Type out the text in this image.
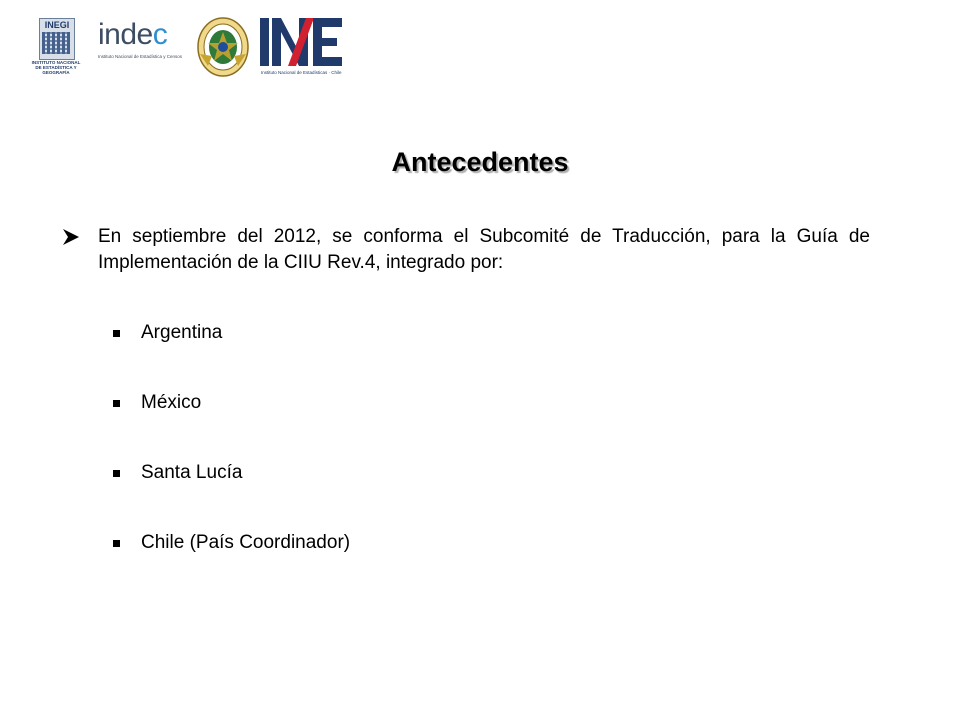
INEGI
INSTITUTO NACIONAL
DE ESTADÍSTICA Y
GEOGRAFÍA
indec
Instituto Nacional de Estadística y Censos
Instituto Nacional de Estadísticas · Chile
Antecedentes
En septiembre del 2012, se conforma el Subcomité de Traducción, para la Guía de Implementación de la CIIU Rev.4, integrado por:
Argentina
México
Santa Lucía
Chile (País Coordinador)
